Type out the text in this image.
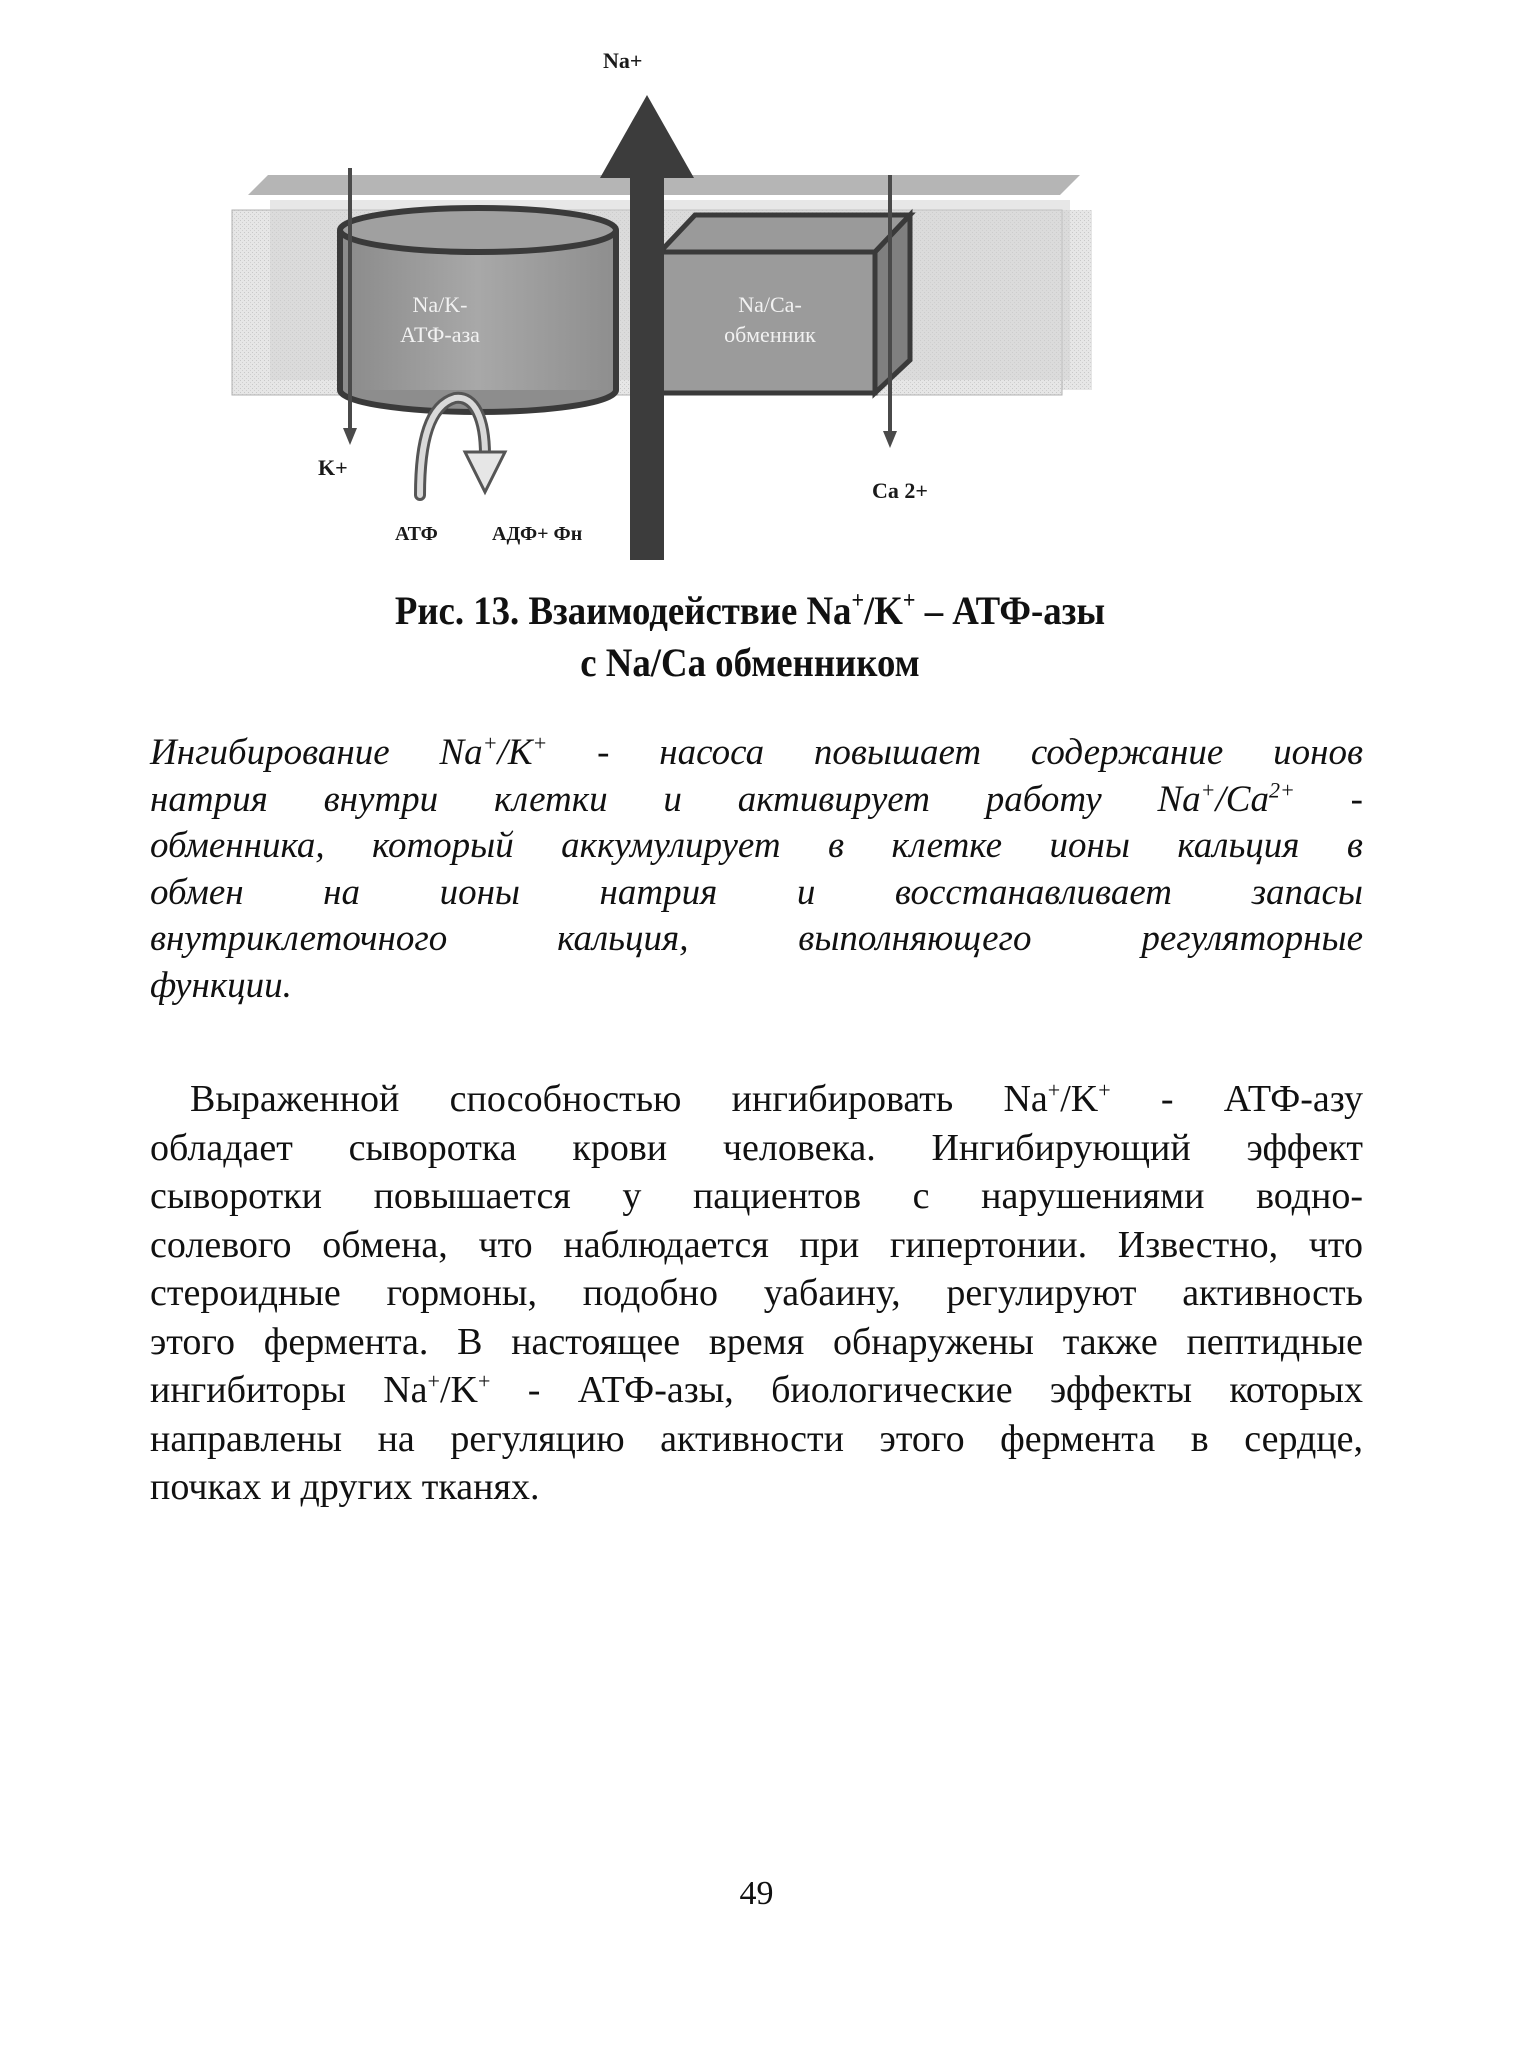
Na+
K+
Ca 2+
АТФ	АДФ+ Фн
Na/K-
АТФ-аза
Na/Ca-
обменник
Рис. 13. Взаимодействие Na+/K+ – АТФ-азы
с Na/Ca обменником
Ингибирование Na+/K+ - насоса повышает содержание ионов
натрия внутри клетки и активирует работу $Na^+/Ca^{2+}$ -
обменника, который аккумулирует в клетке ионы кальция в
обмен на ионы натрия и восстанавливает запасы
внутриклеточного кальция, выполняющего регуляторные
функции.
Выраженной способностью ингибировать Na+/K+ - АТФ-азу
обладает сыворотка крови человека. Ингибирующий эффект
сыворотки повышается у пациентов с нарушениями водно-
солевого обмена, что наблюдается при гипертонии. Известно, что
стероидные гормоны, подобно уабаину, регулируют активность
этого фермента. В настоящее время обнаружены также пептидные
ингибиторы Na+/K+ - АТФ-азы, биологические эффекты которых
направлены на регуляцию активности этого фермента в сердце,
почках и других тканях.
49
